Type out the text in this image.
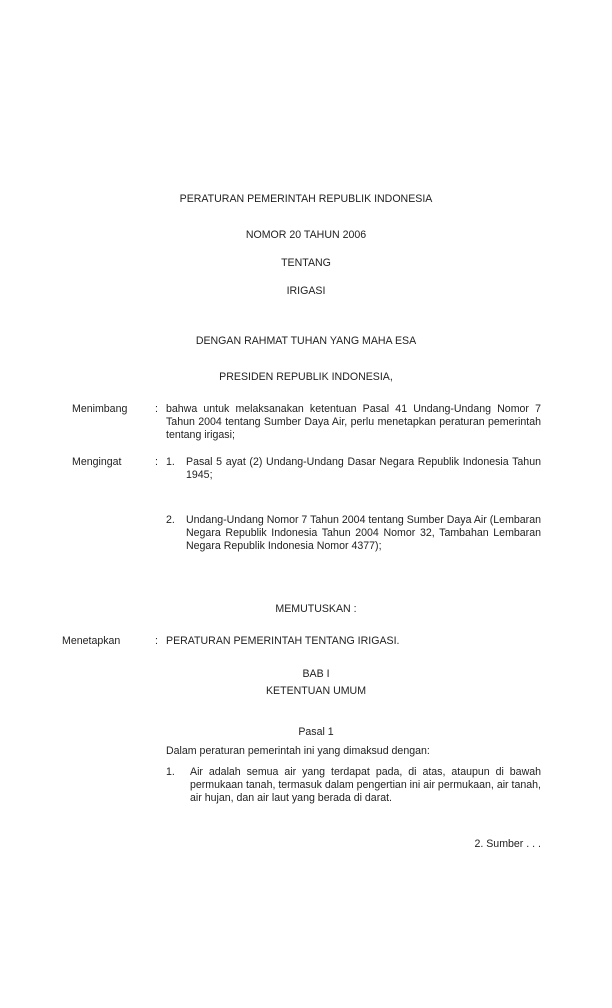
PERATURAN PEMERINTAH REPUBLIK INDONESIA
NOMOR 20 TAHUN 2006
TENTANG
IRIGASI
DENGAN RAHMAT TUHAN YANG MAHA ESA
PRESIDEN REPUBLIK INDONESIA,
Menimbang	: bahwa untuk melaksanakan ketentuan Pasal 41 Undang-Undang Nomor 7 Tahun 2004 tentang Sumber Daya Air, perlu menetapkan peraturan pemerintah tentang irigasi;
Mengingat	: 1. Pasal 5 ayat (2) Undang-Undang Dasar Negara Republik Indonesia Tahun 1945;
2. Undang-Undang Nomor 7 Tahun 2004 tentang Sumber Daya Air (Lembaran Negara Republik Indonesia Tahun 2004 Nomor 32, Tambahan Lembaran Negara Republik Indonesia Nomor 4377);
MEMUTUSKAN :
Menetapkan	: PERATURAN PEMERINTAH TENTANG IRIGASI.
BAB I
KETENTUAN UMUM
Pasal 1
Dalam peraturan pemerintah ini yang dimaksud dengan:
1. Air adalah semua air yang terdapat pada, di atas, ataupun di bawah permukaan tanah, termasuk dalam pengertian ini air permukaan, air tanah, air hujan, dan air laut yang berada di darat.
2. Sumber . . .
